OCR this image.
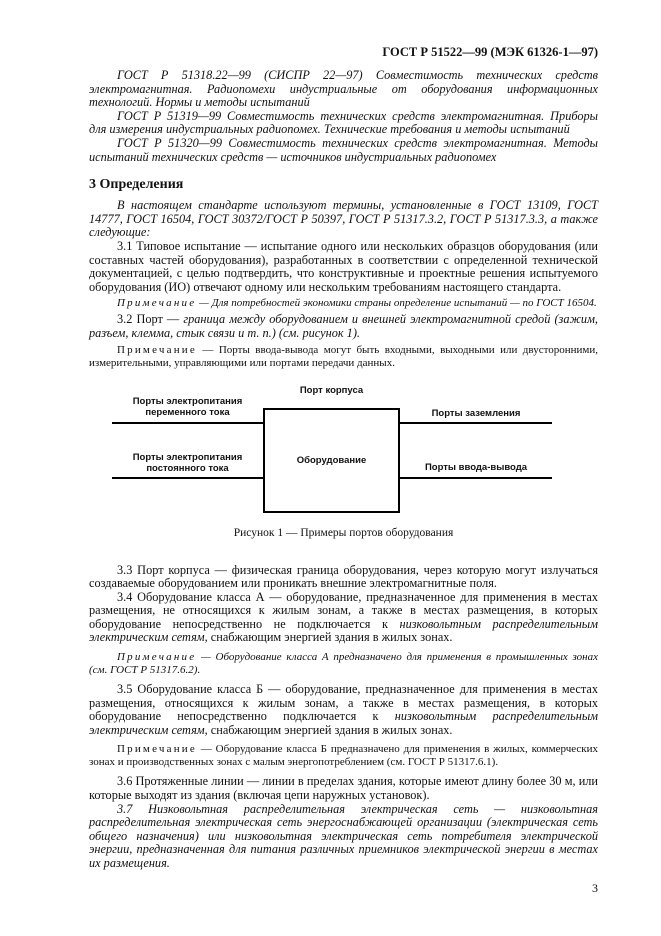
ГОСТ Р 51522—99 (МЭК 61326-1—97)

ГОСТ Р 51318.22—99 (СИСПР 22—97) Совместимость технических средств электромагнитная. Радиопомехи индустриальные от оборудования информационных технологий. Нормы и методы испытаний

ГОСТ Р 51319—99 Совместимость технических средств электромагнитная. Приборы для измерения индустриальных радиопомех. Технические требования и методы испытаний

ГОСТ Р 51320—99 Совместимость технических средств электромагнитная. Методы испытаний технических средств — источников индустриальных радиопомех

3 Определения

В настоящем стандарте используют термины, установленные в ГОСТ 13109, ГОСТ 14777, ГОСТ 16504, ГОСТ 30372/ГОСТ Р 50397, ГОСТ Р 51317.3.2, ГОСТ Р 51317.3.3, а также следующие:

3.1 Типовое испытание — испытание одного или нескольких образцов оборудования (или составных частей оборудования), разработанных в соответствии с определенной технической документацией, с целью подтвердить, что конструктивные и проектные решения испытуемого оборудования (ИО) отвечают одному или нескольким требованиям настоящего стандарта.

Примечание — Для потребностей экономики страны определение испытаний — по ГОСТ 16504.

3.2 Порт — граница между оборудованием и внешней электромагнитной средой (зажим, разъем, клемма, стык связи и т. п.) (см. рисунок 1).

Примечание — Порты ввода-вывода могут быть входными, выходными или двусторонними, измерительными, управляющими или портами передачи данных.

Порт корпуса
Порты электропитания
переменного тока
Порты электропитания
постоянного тока
Оборудование
Порты заземления
Порты ввода-вывода
Рисунок 1 — Примеры портов оборудования

3.3 Порт корпуса — физическая граница оборудования, через которую могут излучаться создаваемые оборудованием или проникать внешние электромагнитные поля.

3.4 Оборудование класса А — оборудование, предназначенное для применения в местах размещения, не относящихся к жилым зонам, а также в местах размещения, в которых оборудование непосредственно не подключается к низковольтным распределительным электрическим сетям, снабжающим энергией здания в жилых зонах.

Примечание — Оборудование класса А предназначено для применения в промышленных зонах (см. ГОСТ Р 51317.6.2).

3.5 Оборудование класса Б — оборудование, предназначенное для применения в местах размещения, относящихся к жилым зонам, а также в местах размещения, в которых оборудование непосредственно подключается к низковольтным распределительным электрическим сетям, снабжающим энергией здания в жилых зонах.

Примечание — Оборудование класса Б предназначено для применения в жилых, коммерческих зонах и производственных зонах с малым энергопотреблением (см. ГОСТ Р 51317.6.1).

3.6 Протяженные линии — линии в пределах здания, которые имеют длину более 30 м, или которые выходят из здания (включая цепи наружных установок).

3.7 Низковольтная распределительная электрическая сеть — низковольтная распределительная электрическая сеть энергоснабжающей организации (электрическая сеть общего назначения) или низковольтная электрическая сеть потребителя электрической энергии, предназначенная для питания различных приемников электрической энергии в местах их размещения.

3
